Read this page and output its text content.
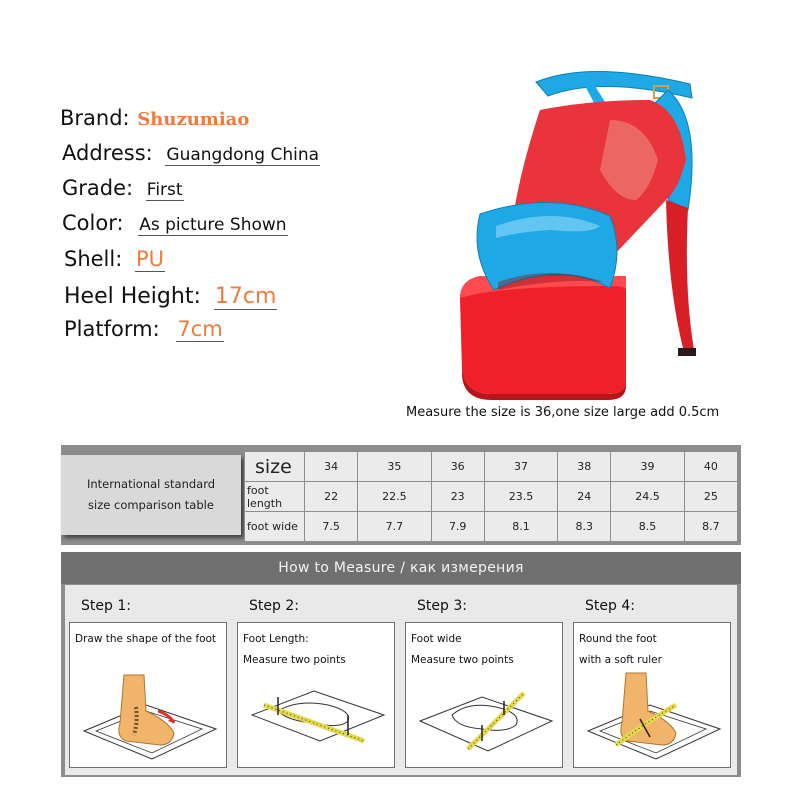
Brand: Shuzumiao
Address: Guangdong China
Grade: First
Color: As picture Shown
Shell: PU
Heel Height: 17cm
Platform: 7cm
Measure the size is 36,one size large add 0.5cm
International standard
size comparison table
size	34	35	36	37	38	39	40
foot length	22	22.5	23	23.5	24	24.5	25
foot wide	7.5	7.7	7.9	8.1	8.3	8.5	8.7
How to Measure / как измерения
Step 1:
Draw the shape of the foot
Step 2:
Foot Length:
Measure two points
Step 3:
Foot wide
Measure two points
Step 4:
Round the foot
with a soft ruler
